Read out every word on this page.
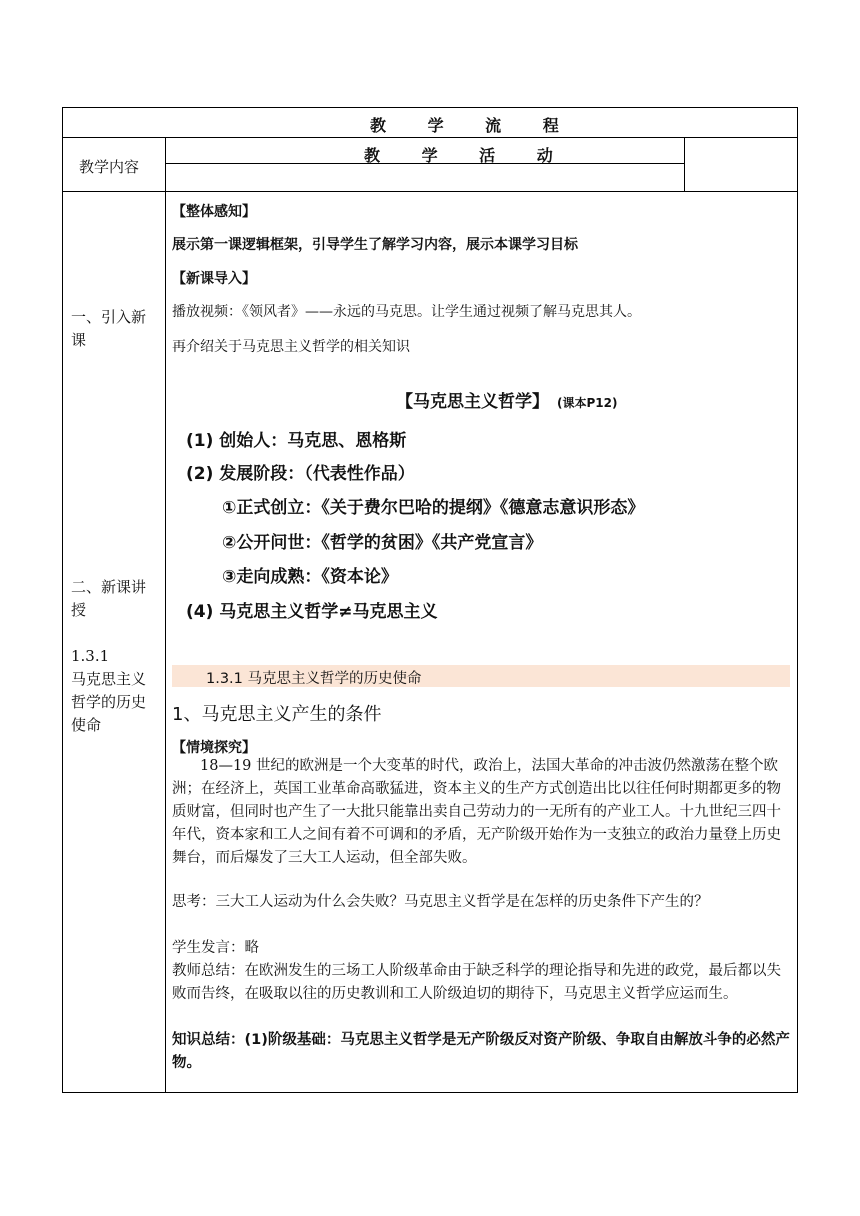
教 学 流 程
教学内容
教 学 活 动
一、引入新
课
二、新课讲
授
1.3.1
马克思主义
哲学的历史
使命
【整体感知】
展示第一课逻辑框架，引导学生了解学习内容，展示本课学习目标
【新课导入】
播放视频：《领风者》——永远的马克思。让学生通过视频了解马克思其人。
再介绍关于马克思主义哲学的相关知识
【马克思主义哲学】 (课本P12)
(1) 创始人：马克思、恩格斯
(2) 发展阶段：（代表性作品）
①正式创立：《关于费尔巴哈的提纲》《德意志意识形态》
②公开问世：《哲学的贫困》《共产党宣言》
③走向成熟：《资本论》
(4) 马克思主义哲学≠马克思主义
1.3.1 马克思主义哲学的历史使命
1、马克思主义产生的条件
【情境探究】
18—19 世纪的欧洲是一个大变革的时代，政治上，法国大革命的冲击波仍然激荡在整个欧洲；在经济上，英国工业革命高歌猛进，资本主义的生产方式创造出比以往任何时期都更多的物质财富，但同时也产生了一大批只能靠出卖自己劳动力的一无所有的产业工人。十九世纪三四十年代，资本家和工人之间有着不可调和的矛盾，无产阶级开始作为一支独立的政治力量登上历史舞台，而后爆发了三大工人运动，但全部失败。
思考：三大工人运动为什么会失败？马克思主义哲学是在怎样的历史条件下产生的？
学生发言：略
教师总结：在欧洲发生的三场工人阶级革命由于缺乏科学的理论指导和先进的政党，最后都以失败而告终，在吸取以往的历史教训和工人阶级迫切的期待下，马克思主义哲学应运而生。
知识总结：(1)阶级基础：马克思主义哲学是无产阶级反对资产阶级、争取自由解放斗争的必然产物。
